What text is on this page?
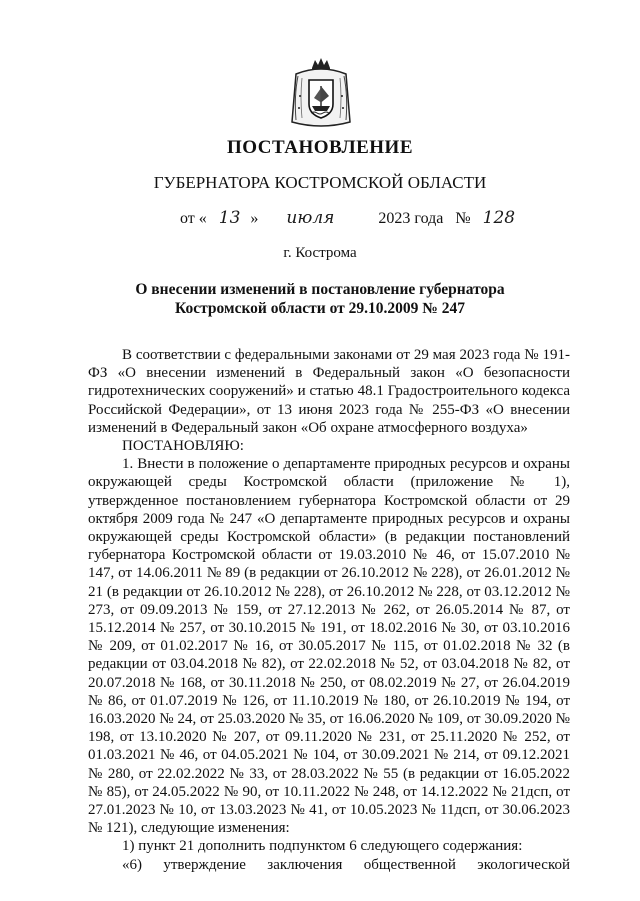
ПОСТАНОВЛЕНИЕ
ГУБЕРНАТОРА КОСТРОМСКОЙ ОБЛАСТИ
от « 13 » июля	2023 года № 128
г. Кострома
О внесении изменений в постановление губернатора
Костромской области от 29.10.2009 № 247

В соответствии с федеральными законами от 29 мая 2023 года № 191-ФЗ «О внесении изменений в Федеральный закон «О безопасности гидротехнических сооружений» и статью 48.1 Градостроительного кодекса Российской Федерации», от 13 июня 2023 года № 255-ФЗ «О внесении изменений в Федеральный закон «Об охране атмосферного воздуха»

ПОСТАНОВЛЯЮ:

1. Внести в положение о департаменте природных ресурсов и охраны окружающей среды Костромской области (приложение № 1), утвержденное постановлением губернатора Костромской области от 29 октября 2009 года № 247 «О департаменте природных ресурсов и охраны окружающей среды Костромской области» (в редакции постановлений губернатора Костромской области от 19.03.2010 № 46, от 15.07.2010 № 147, от 14.06.2011 № 89 (в редакции от 26.10.2012 № 228), от 26.01.2012 № 21 (в редакции от 26.10.2012 № 228), от 26.10.2012 № 228, от 03.12.2012 № 273, от 09.09.2013 № 159, от 27.12.2013 № 262, от 26.05.2014 № 87, от 15.12.2014 № 257, от 30.10.2015 № 191, от 18.02.2016 № 30, от 03.10.2016 № 209, от 01.02.2017 № 16, от 30.05.2017 № 115, от 01.02.2018 № 32 (в редакции от 03.04.2018 № 82), от 22.02.2018 № 52, от 03.04.2018 № 82, от 20.07.2018 № 168, от 30.11.2018 № 250, от 08.02.2019 № 27, от 26.04.2019 № 86, от 01.07.2019 № 126, от 11.10.2019 № 180, от 26.10.2019 № 194, от 16.03.2020 № 24, от 25.03.2020 № 35, от 16.06.2020 № 109, от 30.09.2020 № 198, от 13.10.2020 № 207, от 09.11.2020 № 231, от 25.11.2020 № 252, от 01.03.2021 № 46, от 04.05.2021 № 104, от 30.09.2021 № 214, от 09.12.2021 № 280, от 22.02.2022 № 33, от 28.03.2022 № 55 (в редакции от 16.05.2022 № 85), от 24.05.2022 № 90, от 10.11.2022 № 248, от 14.12.2022 № 21дсп, от 27.01.2023 № 10, от 13.03.2023 № 41, от 10.05.2023 № 11дсп, от 30.06.2023 № 121), следующие изменения:

1) пункт 21 дополнить подпунктом 6 следующего содержания:

«6) утверждение заключения общественной экологической
